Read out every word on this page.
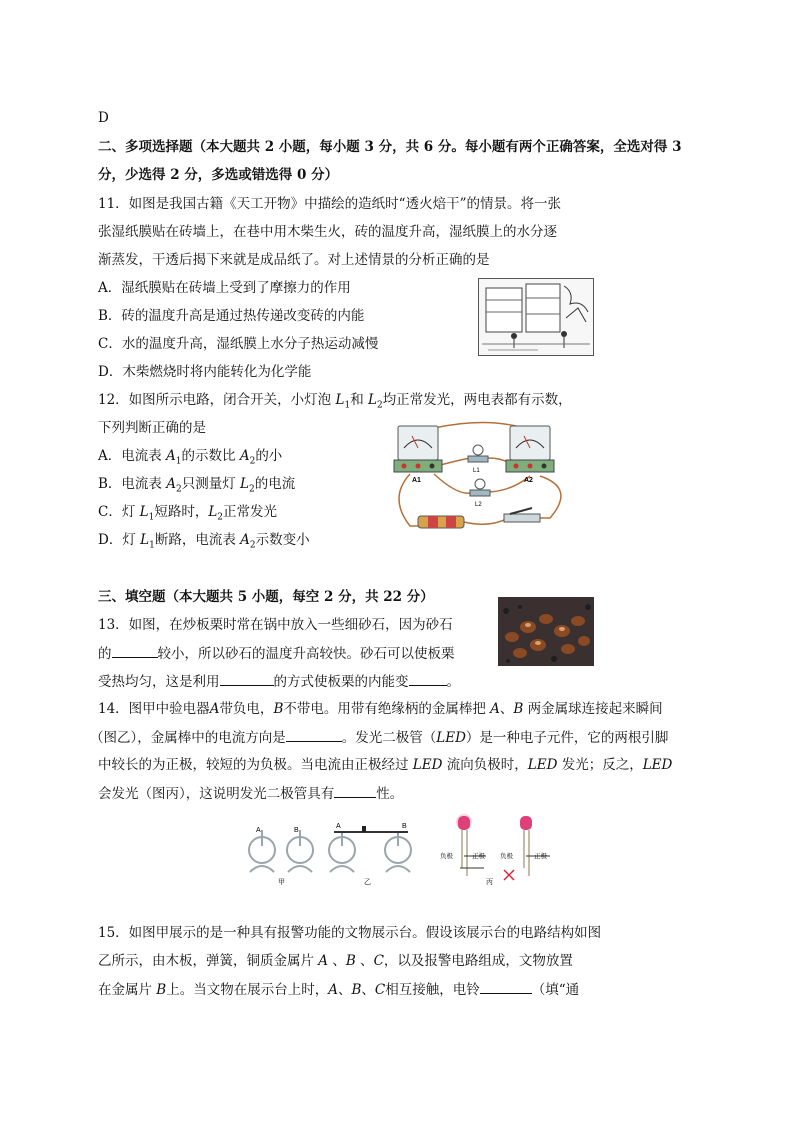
D
二、多项选择题（本大题共 2 小题，每小题 3 分，共 6 分。每小题有两个正确答案，全选对得 3
分，少选得 2 分，多选或错选得 0 分）
11．如图是我国古籍《天工开物》中描绘的造纸时“透火焙干”的情景。将一张
张湿纸膜贴在砖墙上，在巷中用木柴生火，砖的温度升高，湿纸膜上的水分逐
渐蒸发，干透后揭下来就是成品纸了。对上述情景的分析正确的是
A．湿纸膜贴在砖墙上受到了摩擦力的作用
B．砖的温度升高是通过热传递改变砖的内能
C．水的温度升高，湿纸膜上水分子热运动减慢
D．木柴燃烧时将内能转化为化学能
12．如图所示电路，闭合开关，小灯泡 $L_1$和 $L_2$均正常发光，两电表都有示数，
下列判断正确的是
A．电流表 $A_1$的示数比 $A_2$的小
B．电流表 $A_2$只测量灯 $L_2$的电流
C．灯 $L_1$短路时，$L_2$正常发光
D．灯 $L_1$断路，电流表 $A_2$示数变小
A1	A2
L1
L2
三、填空题（本大题共 5 小题，每空 2 分，共 22 分）
13．如图，在炒板栗时常在锅中放入一些细砂石，因为砂石
的	较小，所以砂石的温度升高较快。砂石可以使板栗
受热均匀，这是利用	的方式使板栗的内能变	。
14．图甲中验电器A带负电，B不带电。用带有绝缘柄的金属棒把 A、B 两金属球连接起来瞬间
（图乙），金属棒中的电流方向是	。发光二极管（LED）是一种电子元件，它的两根引脚
中较长的为正极，较短的为负极。当电流由正极经过 LED 流向负极时，LED 发光；反之，LED
会发光（图丙），这说明发光二极管具有	性。
A	B
A	B
甲	乙
负极	正极 负极	正极
丙
15．如图甲展示的是一种具有报警功能的文物展示台。假设该展示台的电路结构如图
乙所示，由木板，弹簧，铜质金属片 A 、B 、C，以及报警电路组成，文物放置
在金属片 B上。当文物在展示台上时，A、B、C相互接触，电铃	（填“通
